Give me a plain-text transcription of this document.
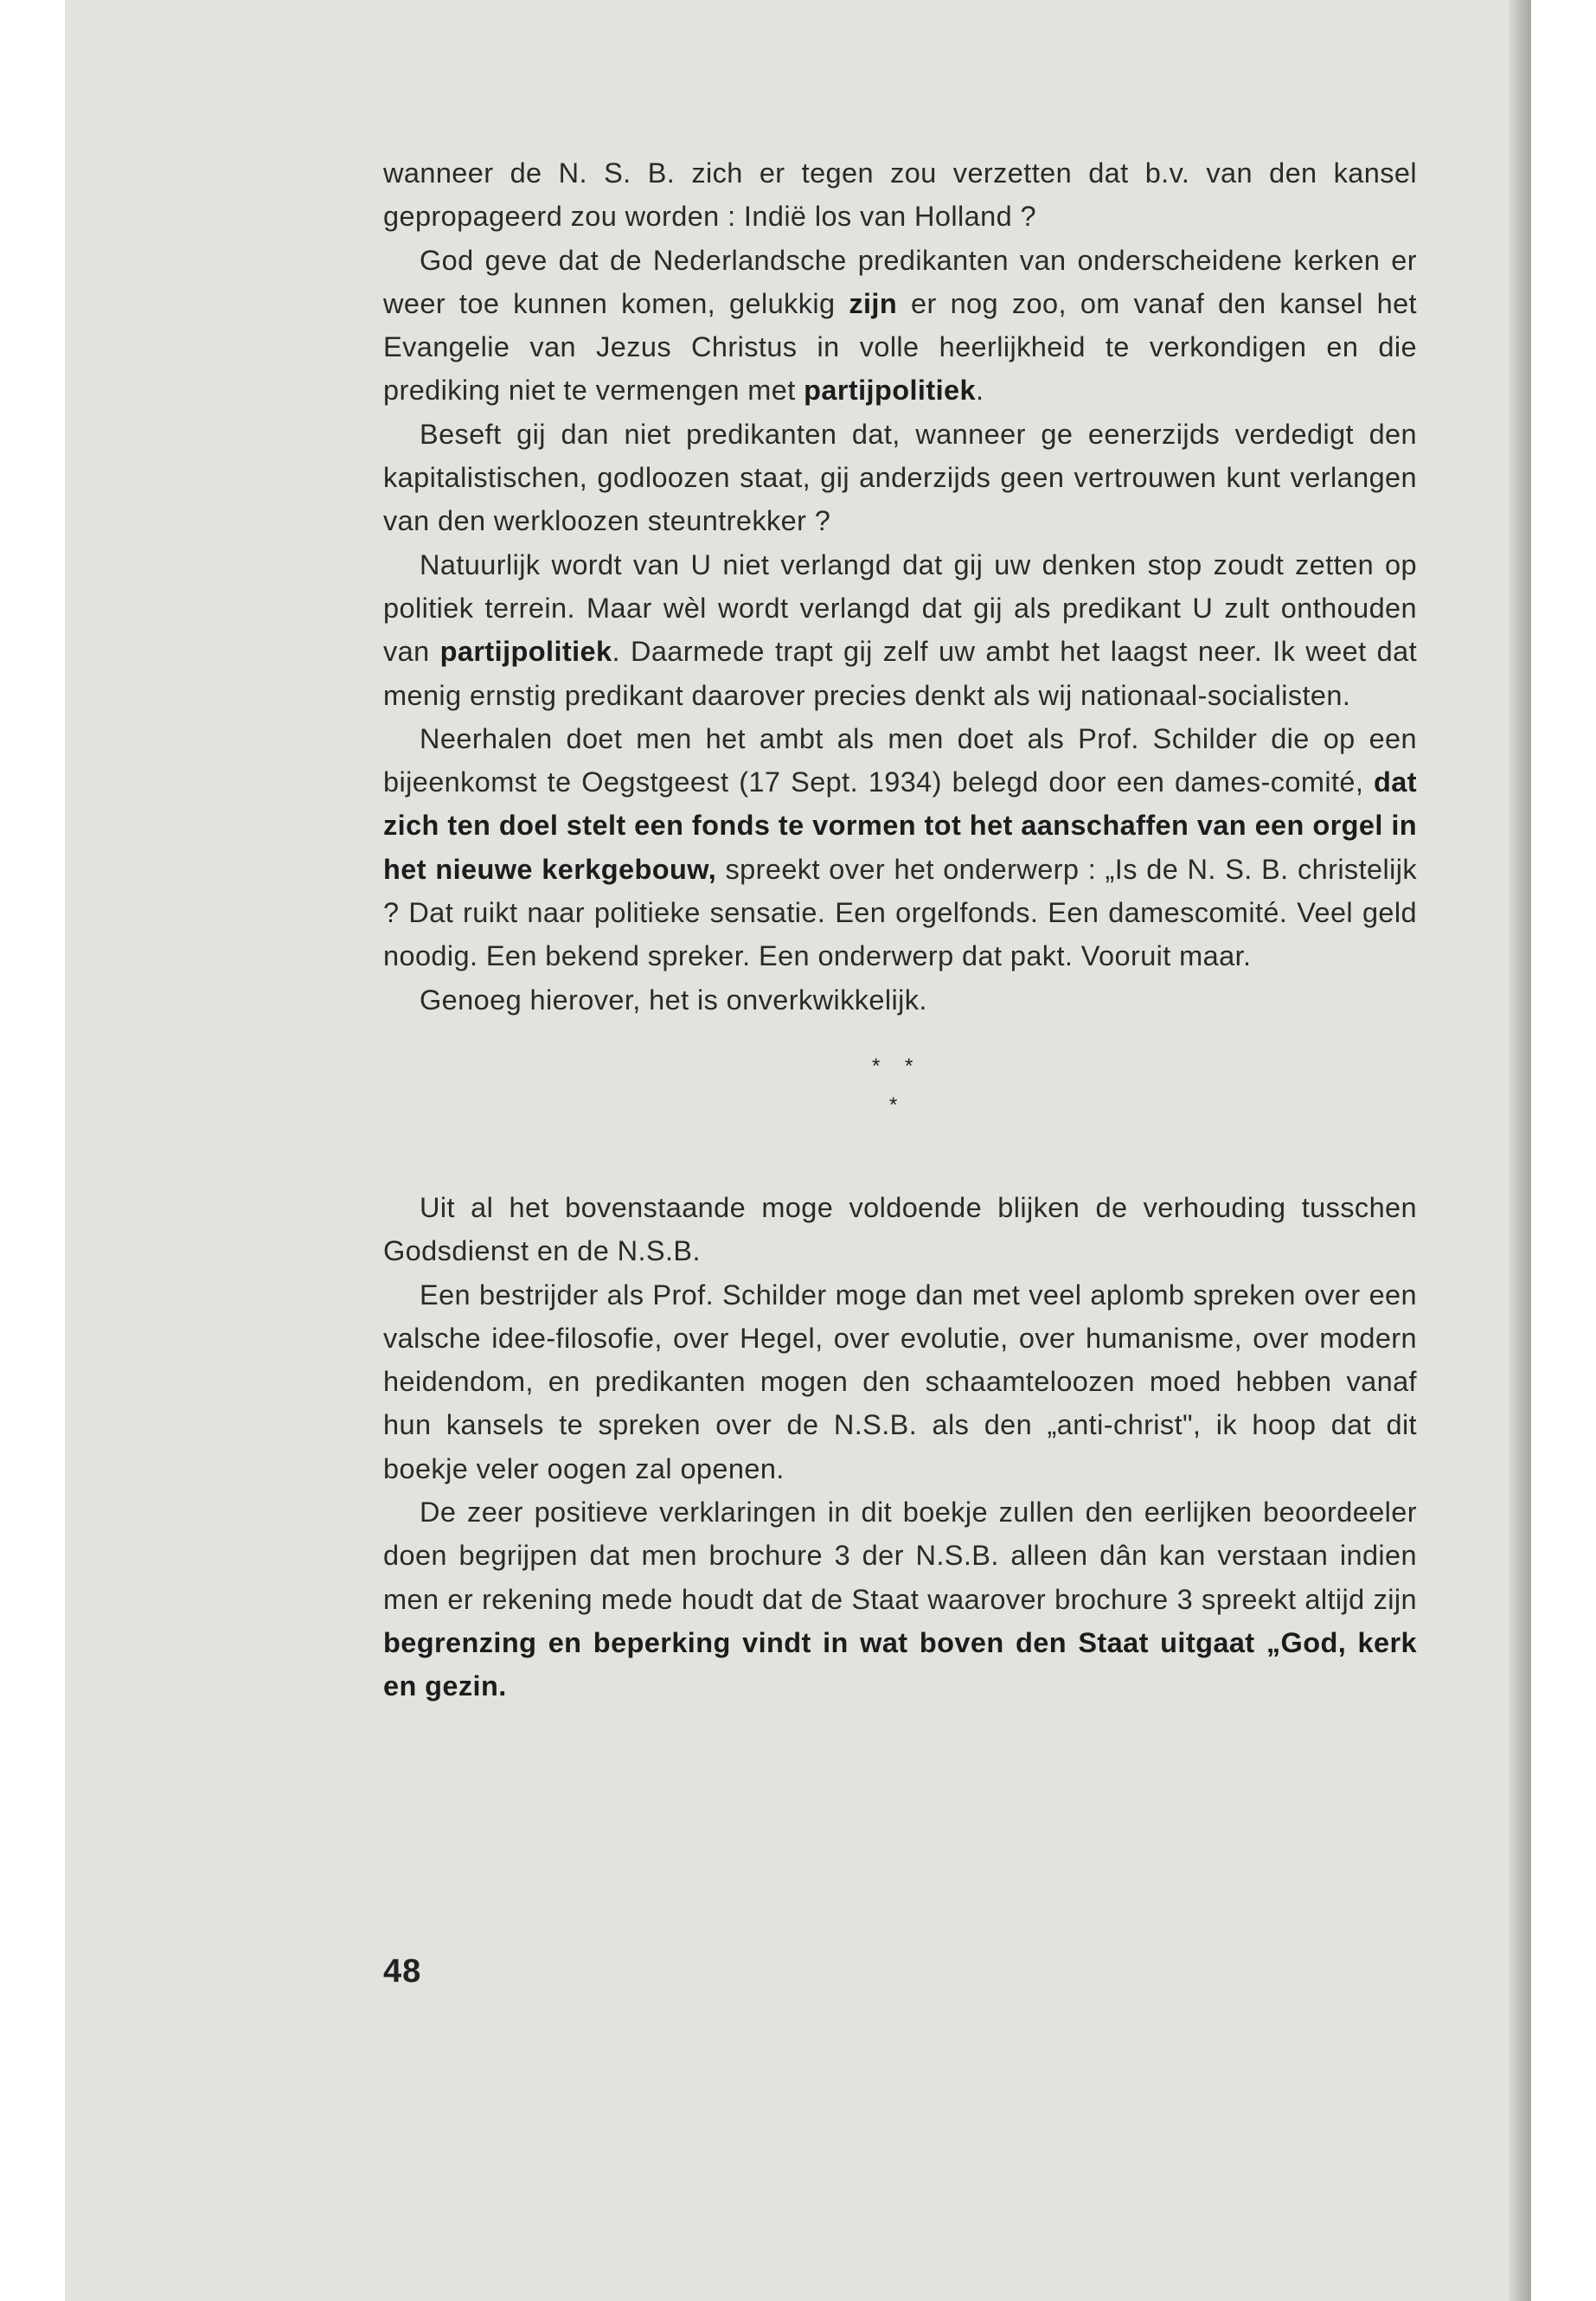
wanneer de N. S. B. zich er tegen zou verzetten dat b.v. van den kansel gepropageerd zou worden : Indië los van Holland ?

God geve dat de Nederlandsche predikanten van onderscheidene kerken er weer toe kunnen komen, gelukkig zijn er nog zoo, om vanaf den kansel het Evangelie van Jezus Christus in volle heerlijkheid te verkondigen en die prediking niet te vermengen met partijpolitiek.

Beseft gij dan niet predikanten dat, wanneer ge eenerzijds verdedigt den kapitalistischen, godloozen staat, gij anderzijds geen vertrouwen kunt verlangen van den werkloozen steuntrekker ?

Natuurlijk wordt van U niet verlangd dat gij uw denken stop zoudt zetten op politiek terrein. Maar wèl wordt verlangd dat gij als predikant U zult onthouden van partijpolitiek. Daarmede trapt gij zelf uw ambt het laagst neer. Ik weet dat menig ernstig predikant daarover precies denkt als wij nationaal-socialisten.

Neerhalen doet men het ambt als men doet als Prof. Schilder die op een bijeenkomst te Oegstgeest (17 Sept. 1934) belegd door een dames-comité, dat zich ten doel stelt een fonds te vormen tot het aanschaffen van een orgel in het nieuwe kerkgebouw, spreekt over het onderwerp : „Is de N. S. B. christelijk ? Dat ruikt naar politieke sensatie. Een orgelfonds. Een damescomité. Veel geld noodig. Een bekend spreker. Een onderwerp dat pakt. Vooruit maar.

Genoeg hierover, het is onverkwikkelijk.

* *
*

Uit al het bovenstaande moge voldoende blijken de verhouding tusschen Godsdienst en de N.S.B.

Een bestrijder als Prof. Schilder moge dan met veel aplomb spreken over een valsche idee-filosofie, over Hegel, over evolutie, over humanisme, over modern heidendom, en predikanten mogen den schaamteloozen moed hebben vanaf hun kansels te spreken over de N.S.B. als den „anti-christ", ik hoop dat dit boekje veler oogen zal openen.

De zeer positieve verklaringen in dit boekje zullen den eerlijken beoordeeler doen begrijpen dat men brochure 3 der N.S.B. alleen dân kan verstaan indien men er rekening mede houdt dat de Staat waarover brochure 3 spreekt altijd zijn begrenzing en beperking vindt in wat boven den Staat uitgaat „God, kerk en gezin.

48
